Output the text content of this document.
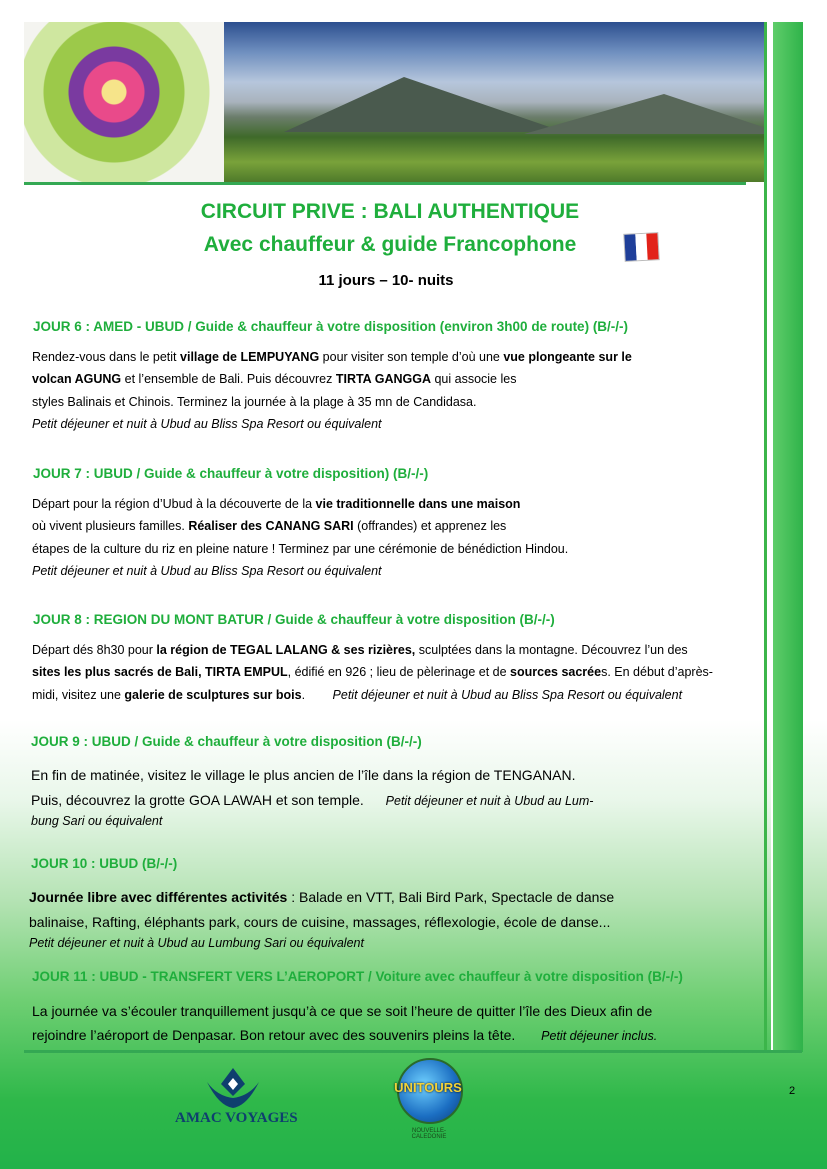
CIRCUIT PRIVE : BALI AUTHENTIQUE
Avec chauffeur & guide Francophone
11 jours – 10- nuits
JOUR 6 : AMED - UBUD / Guide & chauffeur à votre disposition (environ 3h00 de route) (B/-/-)
Rendez-vous dans le petit village de LEMPUYANG pour visiter son temple d’où une vue plongeante sur le
volcan AGUNG et l’ensemble de Bali. Puis découvrez TIRTA GANGGA qui associe les
styles Balinais et Chinois. Terminez la journée à la plage à 35 mn de Candidasa.
Petit déjeuner et nuit à Ubud au Bliss Spa Resort ou équivalent
JOUR 7 : UBUD / Guide & chauffeur à votre disposition) (B/-/-)
Départ pour la région d’Ubud à la découverte de la vie traditionnelle dans une maison
où vivent plusieurs familles. Réaliser des CANANG SARI (offrandes) et apprenez les
étapes de la culture du riz en pleine nature ! Terminez par une cérémonie de bénédiction Hindou.
Petit déjeuner et nuit à Ubud au Bliss Spa Resort ou équivalent
JOUR 8 : REGION DU MONT BATUR / Guide & chauffeur à votre disposition (B/-/-)
Départ dés 8h30 pour la région de TEGAL LALANG & ses rizières, sculptées dans la montagne. Découvrez l’un des
sites les plus sacrés de Bali, TIRTA EMPUL, édifié en 926 ; lieu de pèlerinage et de sources sacrées. En début d’après-
midi, visitez une galerie de sculptures sur bois. Petit déjeuner et nuit à Ubud au Bliss Spa Resort ou équivalent
JOUR 9 : UBUD / Guide & chauffeur à votre disposition (B/-/-)
En fin de matinée, visitez le village le plus ancien de l’île dans la région de TENGANAN.
Puis, découvrez la grotte GOA LAWAH et son temple. Petit déjeuner et nuit à Ubud au Lum-
bung Sari ou équivalent
JOUR 10 : UBUD (B/-/-)
Journée libre avec différentes activités : Balade en VTT, Bali Bird Park, Spectacle de danse
balinaise, Rafting, éléphants park, cours de cuisine, massages, réflexologie, école de danse...
Petit déjeuner et nuit à Ubud au Lumbung Sari ou équivalent
JOUR 11 : UBUD - TRANSFERT VERS L’AEROPORT / Voiture avec chauffeur à votre disposition (B/-/-)
La journée va s’écouler tranquillement jusqu’à ce que se soit l’heure de quitter l’île des Dieux afin de
rejoindre l’aéroport de Denpasar. Bon retour avec des souvenirs pleins la tête. Petit déjeuner inclus.
AMAC VOYAGES
UNITOURS
NOUVELLE-CALEDONIE
2
